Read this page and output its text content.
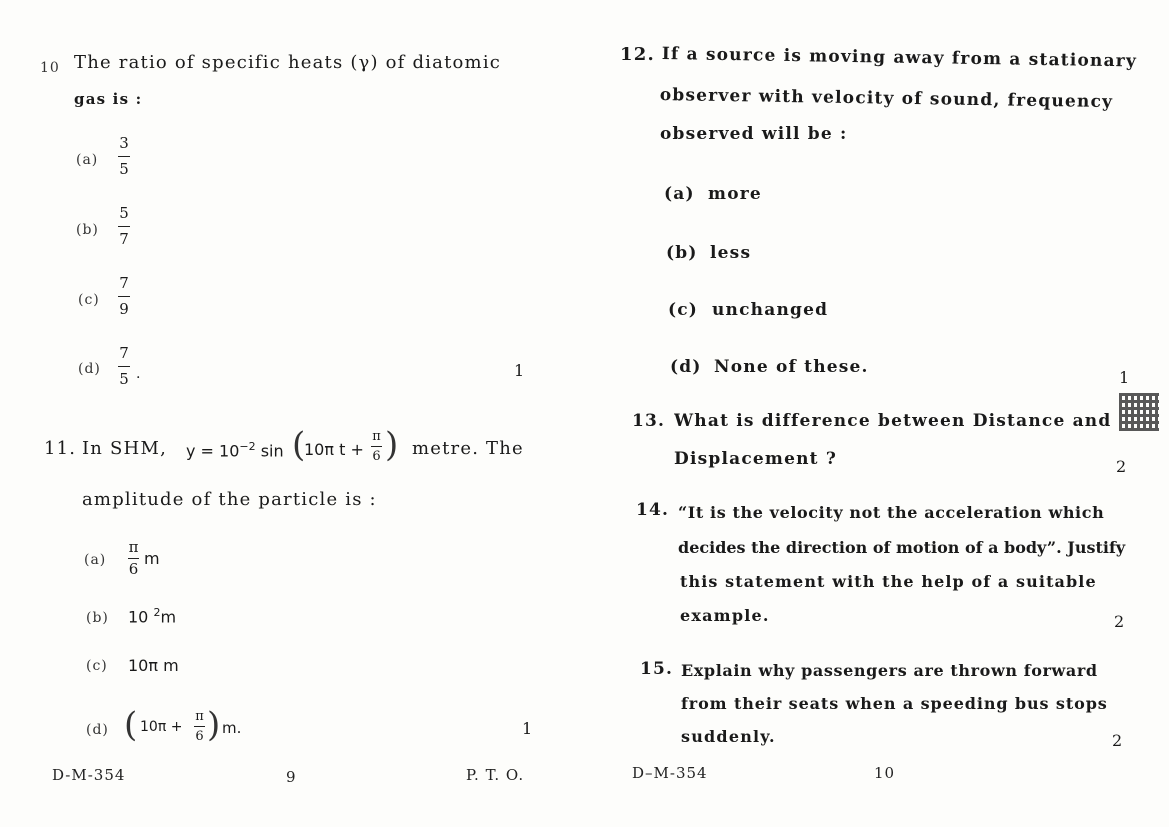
10 The ratio of specific heats (γ) of diatomic
gas is :
(a)
3
5
(b)
5
7
(c)
7
9
(d)
7
5 .	1
11. In SHM, $y = 10^{-2}$ sin (
10π t +
π
6 ) metre. The
amplitude of the particle is :
(a)
π
6
m
(b) 10 $^2$m
(c) 10π m
(d) ( 10π +
π
6 ) m.	1
D-M-354	9	P. T. O.
12. If a source is moving away from a stationary
observer with velocity of sound, frequency
observed will be :
(a) more
(b) less
(c) unchanged
(d) None of these.
1
13. What is difference between Distance and
Displacement ?	2
14. “It is the velocity not the acceleration which
decides the direction of motion of a body”. Justify
this statement with the help of a suitable
example.	2
15. Explain why passengers are thrown forward
from their seats when a speeding bus stops
suddenly.	2
D–M-354	10
